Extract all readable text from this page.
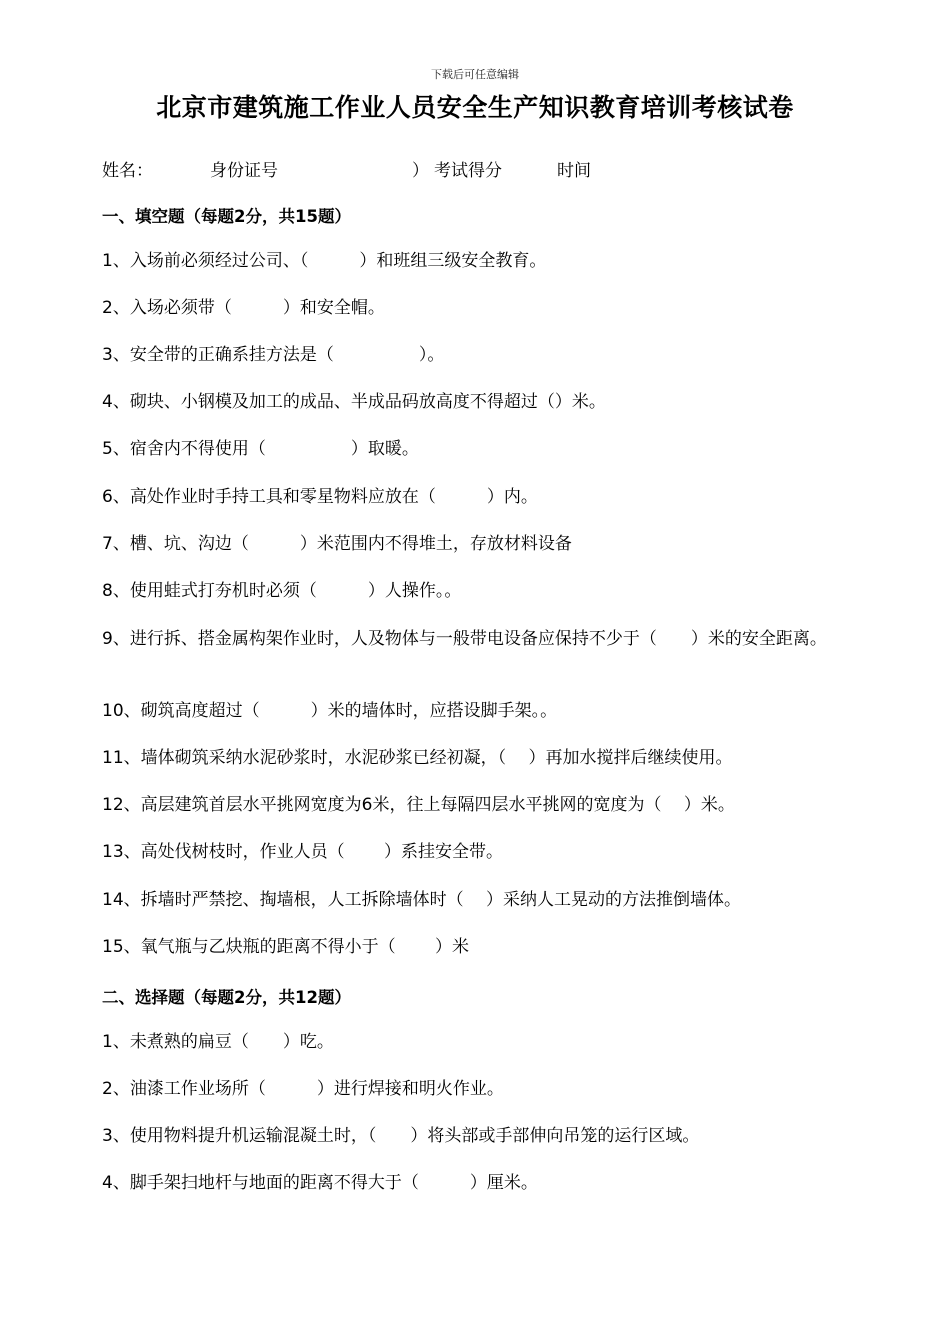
下载后可任意编辑
北京市建筑施工作业人员安全生产知识教育培训考核试卷
姓名：	身份证号	） 考试得分	时间
一、填空题（每题2分，共15题）

1、入场前必须经过公司、（　　　）和班组三级安全教育。

2、入场必须带（　　　）和安全帽。

3、安全带的正确系挂方法是（　　　　　）。

4、砌块、小钢模及加工的成品、半成品码放高度不得超过（）米。

5、宿舍内不得使用（　　　　　）取暖。

6、高处作业时手持工具和零星物料应放在（　　　）内。

7、槽、坑、沟边（　　　）米范围内不得堆土，存放材料设备

8、使用蛙式打夯机时必须（　　　）人操作。。

9、进行拆、搭金属构架作业时，人及物体与一般带电设备应保持不少于（　　）米的安全距离。

10、砌筑高度超过（　　　）米的墙体时，应搭设脚手架。。

11、墙体砌筑采纳水泥砂浆时，水泥砂浆已经初凝，（　 ）再加水搅拌后继续使用。

12、高层建筑首层水平挑网宽度为6米，往上每隔四层水平挑网的宽度为（　 ）米。

13、高处伐树枝时，作业人员（　　 ）系挂安全带。

14、拆墙时严禁挖、掏墙根，人工拆除墙体时（　 ）采纳人工晃动的方法推倒墙体。

15、氧气瓶与乙炔瓶的距离不得小于（　　 ）米

二、选择题（每题2分，共12题）

1、未煮熟的扁豆（　　）吃。

2、油漆工作业场所（　　　）进行焊接和明火作业。

3、使用物料提升机运输混凝土时，（　　）将头部或手部伸向吊笼的运行区域。

4、脚手架扫地杆与地面的距离不得大于（　　　）厘米。
